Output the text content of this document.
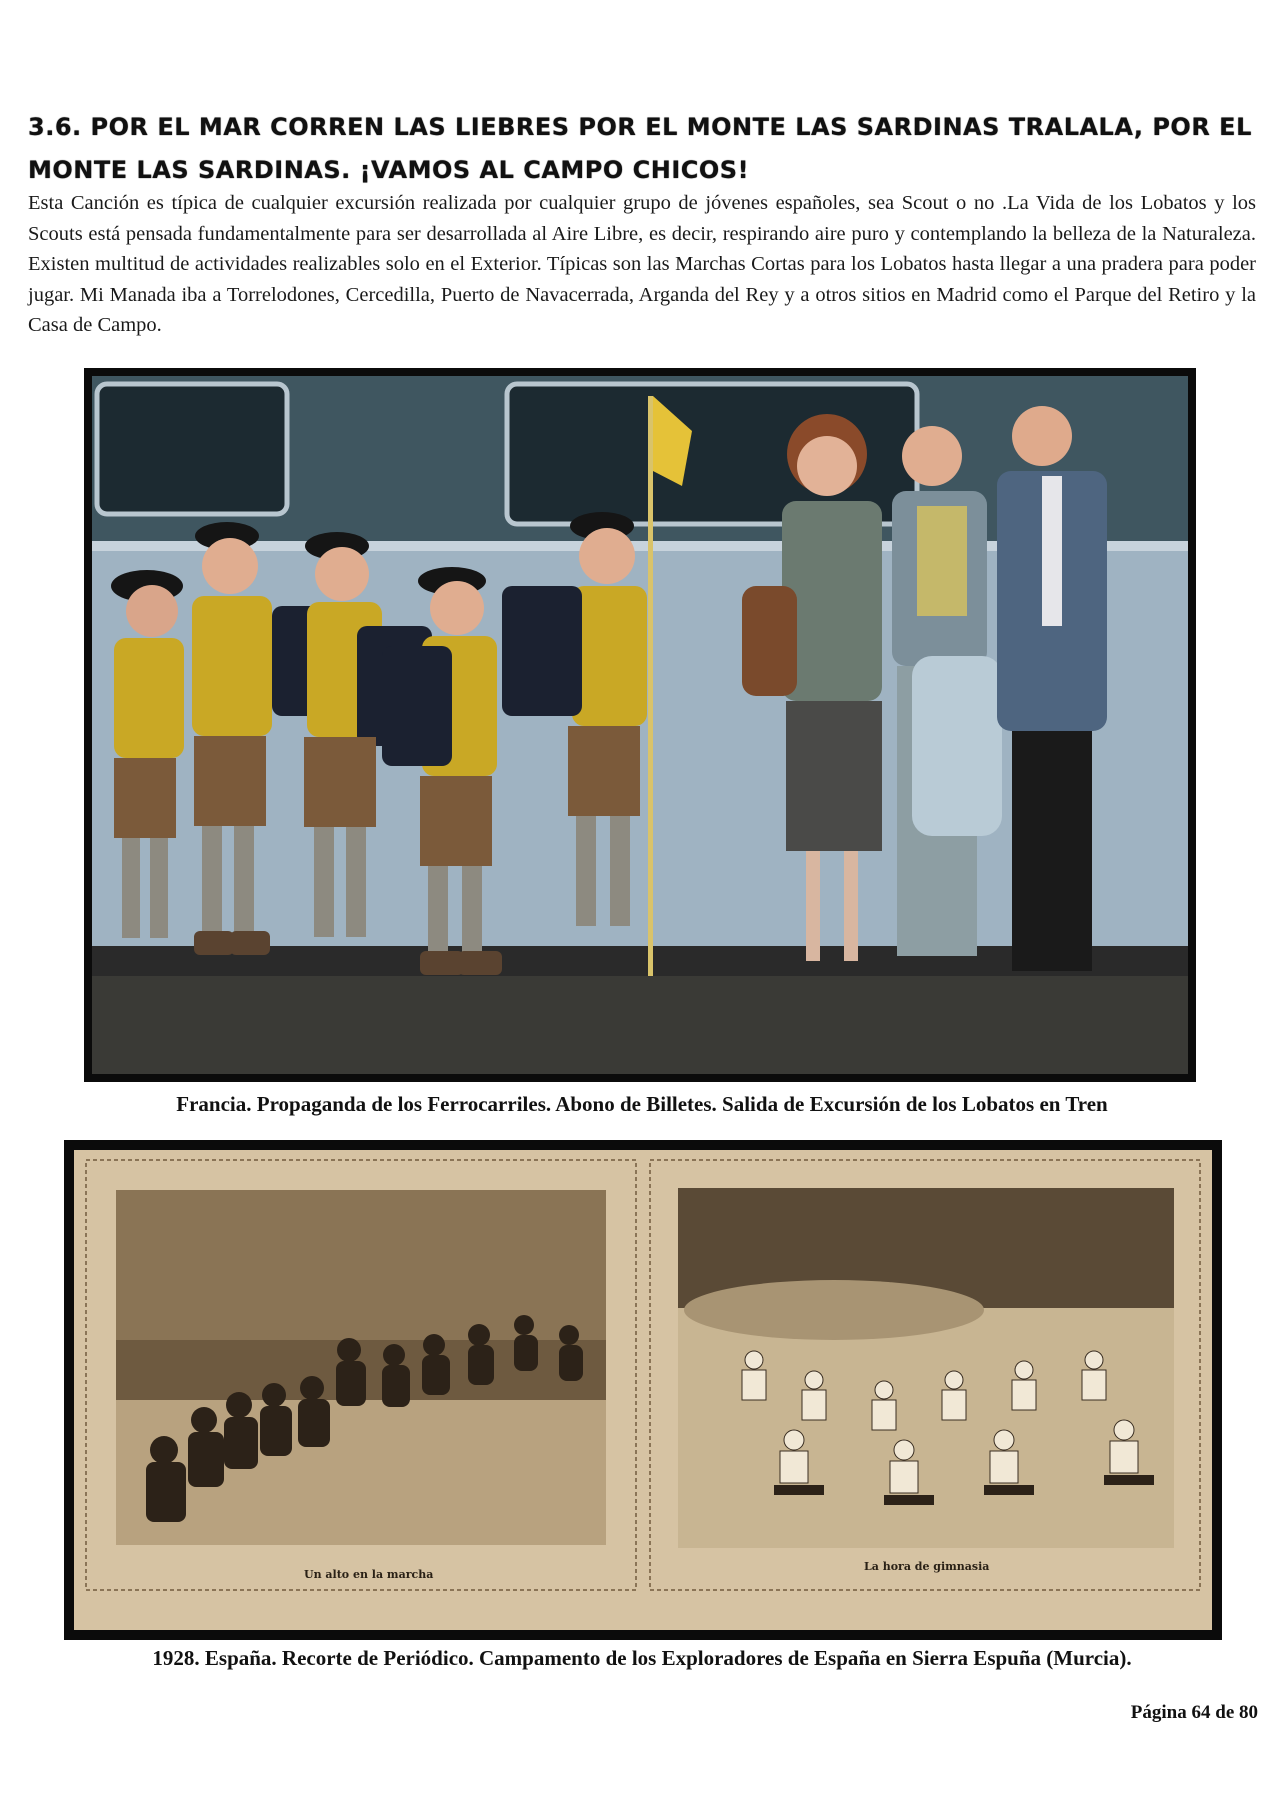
3.6. POR EL MAR CORREN LAS LIEBRES POR EL MONTE LAS SARDINAS TRALALA, POR EL MONTE LAS SARDINAS. ¡VAMOS AL CAMPO CHICOS!

Esta Canción es típica de cualquier excursión realizada por cualquier grupo de jóvenes españoles, sea Scout o no .La Vida de los Lobatos y los Scouts está pensada fundamentalmente para ser desarrollada al Aire Libre, es decir, respirando aire puro y contemplando la belleza de la Naturaleza. Existen multitud de actividades realizables solo en el Exterior. Típicas son las Marchas Cortas para los Lobatos hasta llegar a una pradera para poder jugar. Mi Manada iba a Torrelodones, Cercedilla, Puerto de Navacerrada, Arganda del Rey y a otros sitios en Madrid como el Parque del Retiro y la Casa de Campo.

Francia. Propaganda de los Ferrocarriles. Abono de Billetes. Salida de Excursión de los Lobatos en Tren
Un alto en la marcha
La hora de gimnasia
1928. España. Recorte de Periódico. Campamento de los Exploradores de España en Sierra Espuña (Murcia).
Página 64 de 80
